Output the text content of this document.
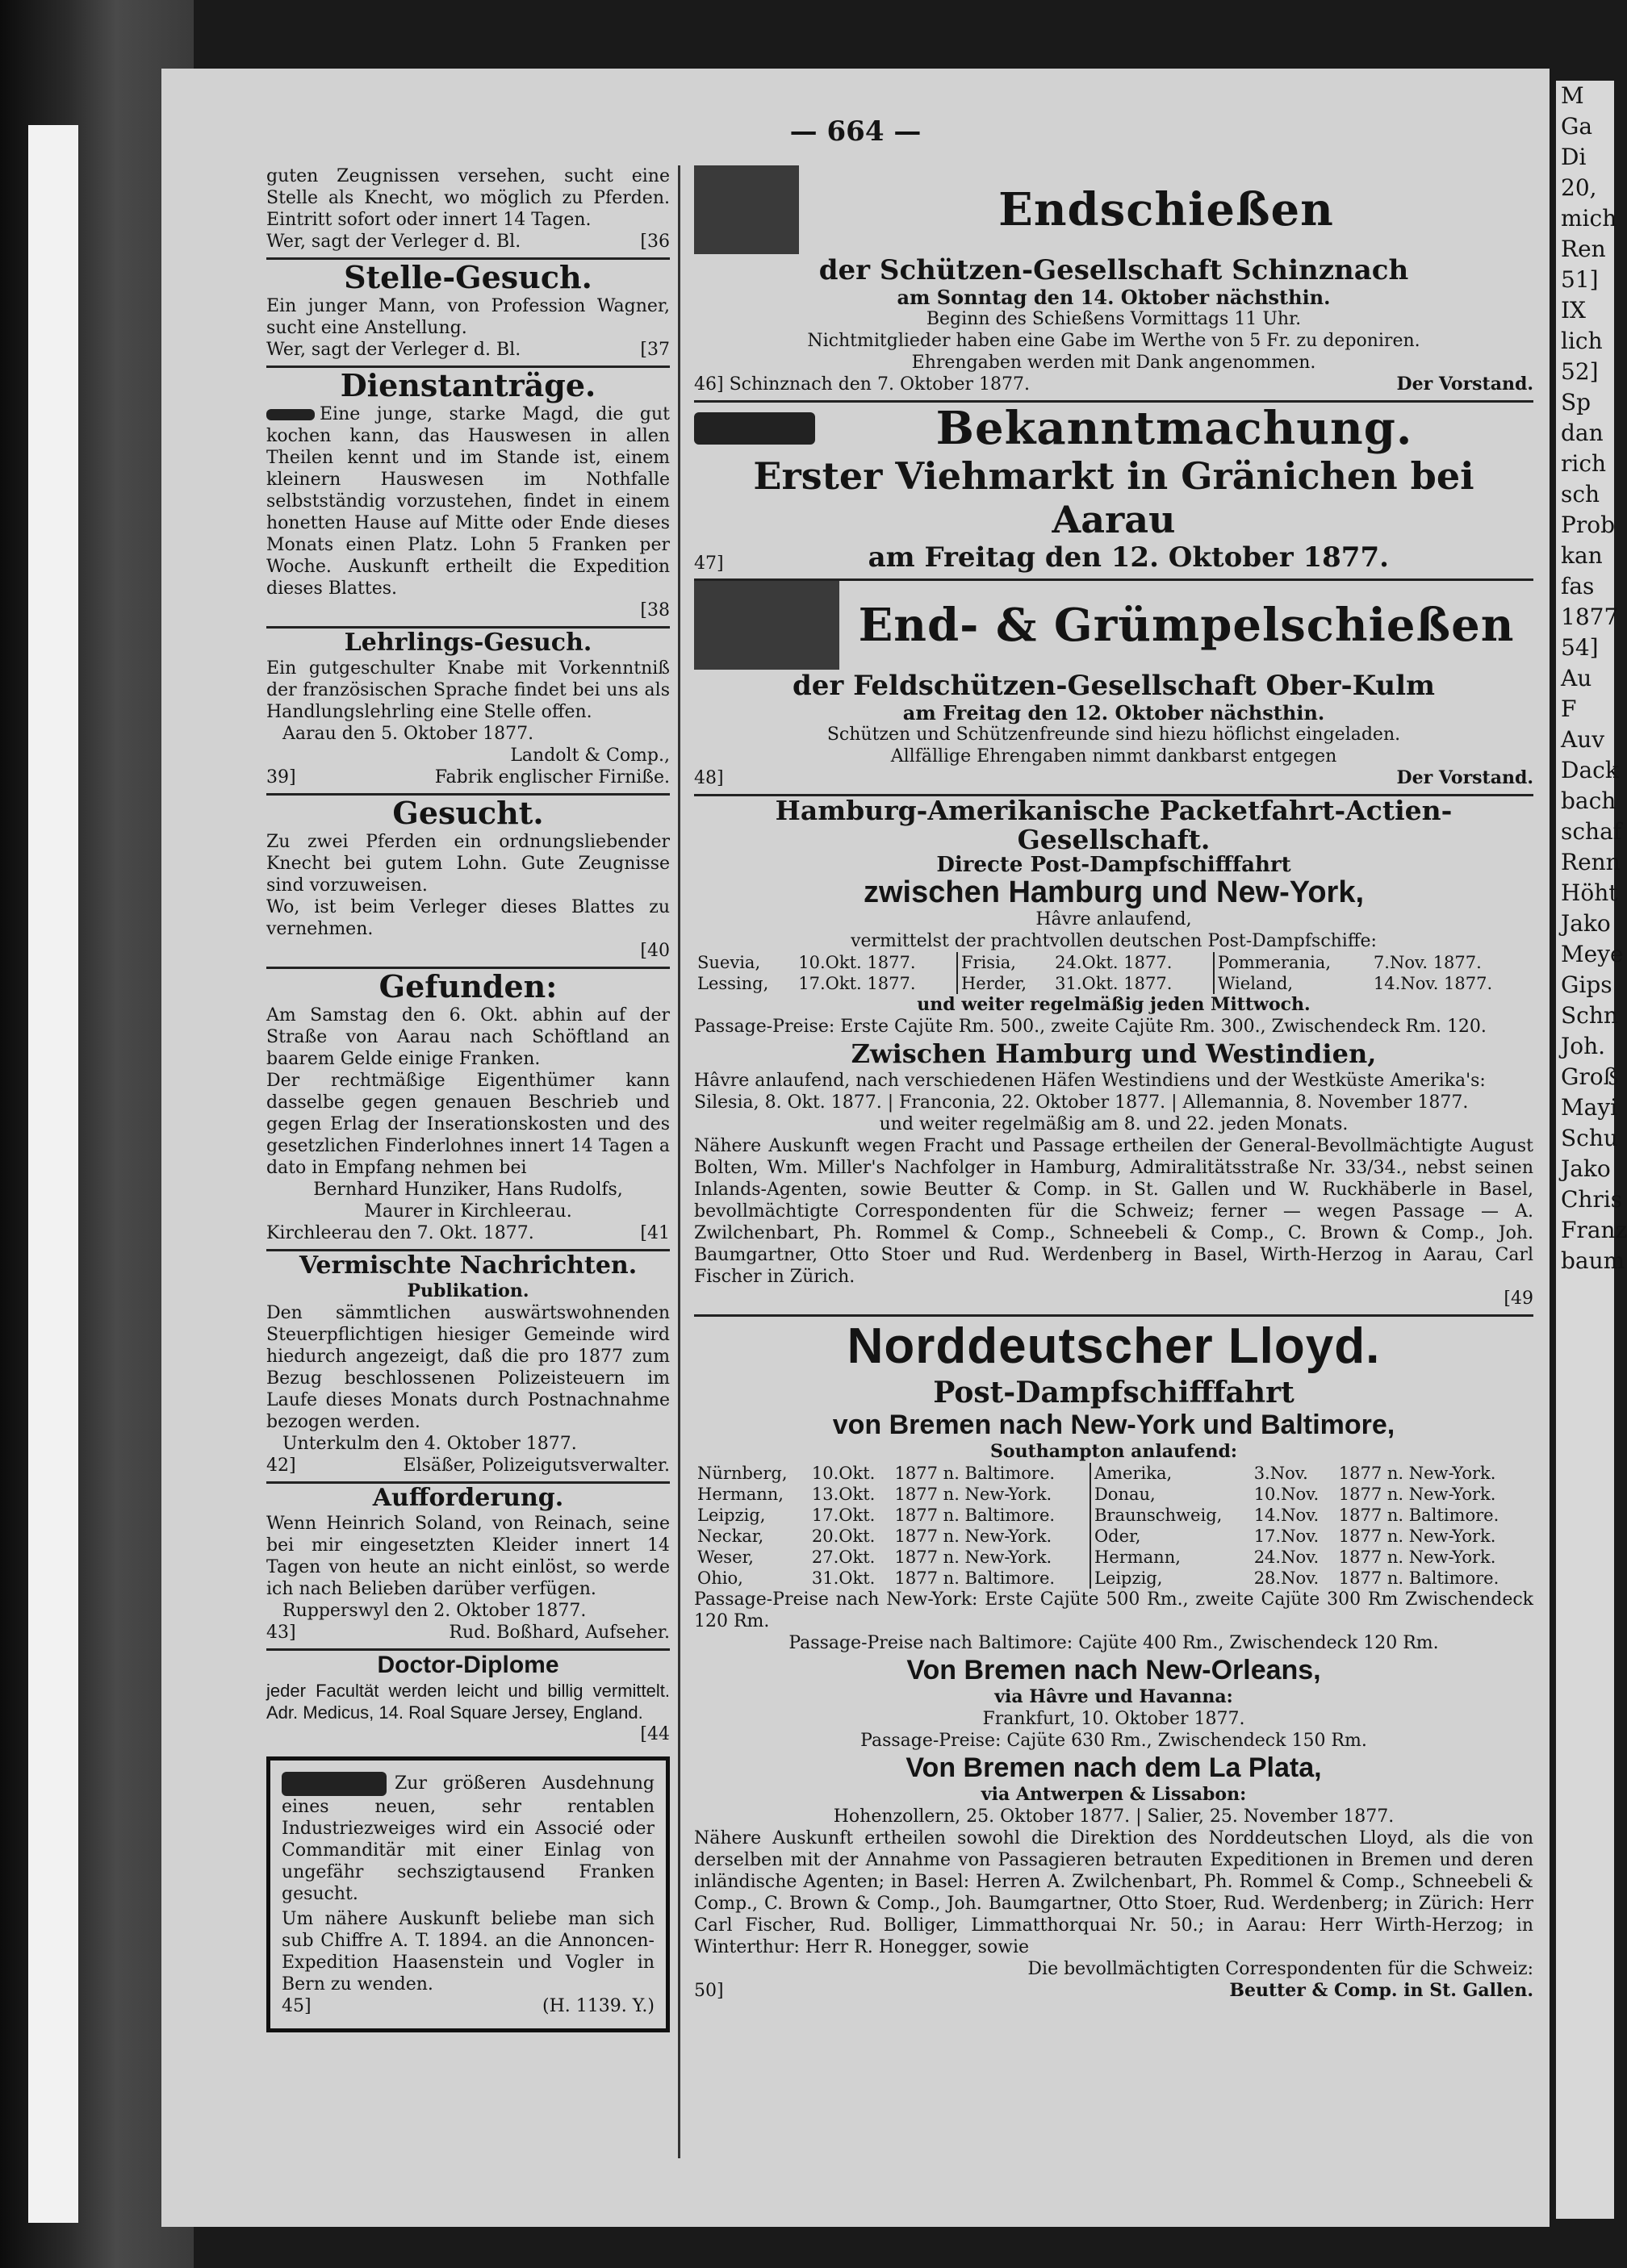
M
Ga
Di
20,
mich
Ren
51]
IX
lich
52]
Sp
dan
rich
sch
Prob
kan
fas
1877
54]
Au
F
Auv
Dack
bach
schaf
Renn
Höht
Jako
Meye
Gips
Schn
Joh.
Groß
Mayi
Schu
Jako
Chris
Franz
baum
— 664 —
guten Zeugnissen versehen, sucht eine Stelle als Knecht, wo möglich zu Pferden. Eintritt sofort oder innert 14 Tagen.
Wer, sagt der Verleger d. Bl.	[36
Stelle-Gesuch.
Ein junger Mann, von Profession Wagner, sucht eine Anstellung.
Wer, sagt der Verleger d. Bl.	[37
Dienstanträge.
Eine junge, starke Magd, die gut kochen kann, das Hauswesen in allen Theilen kennt und im Stande ist, einem kleinern Hauswesen im Nothfalle selbstständig vorzustehen, findet in einem honetten Hause auf Mitte oder Ende dieses Monats einen Platz. Lohn 5 Franken per Woche. Auskunft ertheilt die Expedition dieses Blattes.
[38
Lehrlings-Gesuch.
Ein gutgeschulter Knabe mit Vorkenntniß der französischen Sprache findet bei uns als Handlungslehrling eine Stelle offen.
Aarau den 5. Oktober 1877.
Landolt & Comp.,
39]	Fabrik englischer Firniße.
Gesucht.
Zu zwei Pferden ein ordnungsliebender Knecht bei gutem Lohn. Gute Zeugnisse sind vorzuweisen.
Wo, ist beim Verleger dieses Blattes zu vernehmen.
[40
Gefunden:
Am Samstag den 6. Okt. abhin auf der Straße von Aarau nach Schöftland an baarem Gelde einige Franken.
Der rechtmäßige Eigenthümer kann dasselbe gegen genauen Beschrieb und gegen Erlag der Inserationskosten und des gesetzlichen Finderlohnes innert 14 Tagen a dato in Empfang nehmen bei
Bernhard Hunziker, Hans Rudolfs,
Maurer in Kirchleerau.
Kirchleerau den 7. Okt. 1877.	[41
Vermischte Nachrichten.
Publikation.
Den sämmtlichen auswärtswohnenden Steuerpflichtigen hiesiger Gemeinde wird hiedurch angezeigt, daß die pro 1877 zum Bezug beschlossenen Polizeisteuern im Laufe dieses Monats durch Postnachnahme bezogen werden.
Unterkulm den 4. Oktober 1877.
42]	Elsäßer, Polizeigutsverwalter.
Aufforderung.
Wenn Heinrich Soland, von Reinach, seine bei mir eingesetzten Kleider innert 14 Tagen von heute an nicht einlöst, so werde ich nach Belieben darüber verfügen.
Rupperswyl den 2. Oktober 1877.
43]	Rud. Boßhard, Aufseher.
Doctor-Diplome
jeder Facultät werden leicht und billig vermittelt. Adr. Medicus, 14. Roal Square Jersey, England.
[44
Zur größeren Ausdehnung eines neuen, sehr rentablen Industriezweiges wird ein Associé oder Commanditär mit einer Einlag von ungefähr sechszigtausend Franken gesucht.
Um nähere Auskunft beliebe man sich sub Chiffre A. T. 1894. an die Annoncen-Expedition Haasenstein und Vogler in Bern zu wenden.
45]	(H. 1139. Y.)
Endschießen
der Schützen-Gesellschaft Schinznach
am Sonntag den 14. Oktober nächsthin.
Beginn des Schießens Vormittags 11 Uhr.
Nichtmitglieder haben eine Gabe im Werthe von 5 Fr. zu deponiren.
Ehrengaben werden mit Dank angenommen.
46] Schinznach den 7. Oktober 1877.	Der Vorstand.
Bekanntmachung.
Erster Viehmarkt in Gränichen bei Aarau
47]	am Freitag den 12. Oktober 1877.
End- & Grümpelschießen
der Feldschützen-Gesellschaft Ober-Kulm
am Freitag den 12. Oktober nächsthin.
Schützen und Schützenfreunde sind hiezu höflichst eingeladen.
Allfällige Ehrengaben nimmt dankbarst entgegen
48]	Der Vorstand.
Hamburg-Amerikanische Packetfahrt-Actien-Gesellschaft.
Directe Post-Dampfschifffahrt
zwischen Hamburg und New-York,
Hâvre anlaufend,
vermittelst der prachtvollen deutschen Post-Dampfschiffe:
Suevia,	10.Okt. 1877.	Frisia,	24.Okt. 1877.	Pommerania,	7.Nov. 1877.
Lessing,	17.Okt. 1877.	Herder,	31.Okt. 1877.	Wieland,	14.Nov. 1877.
und weiter regelmäßig jeden Mittwoch.
Passage-Preise: Erste Cajüte Rm. 500., zweite Cajüte Rm. 300., Zwischendeck Rm. 120.
Zwischen Hamburg und Westindien,
Hâvre anlaufend, nach verschiedenen Häfen Westindiens und der Westküste Amerika's:
Silesia, 8. Okt. 1877. | Franconia, 22. Oktober 1877. | Allemannia, 8. November 1877.
und weiter regelmäßig am 8. und 22. jeden Monats.
Nähere Auskunft wegen Fracht und Passage ertheilen der General-Bevollmächtigte August Bolten, Wm. Miller's Nachfolger in Hamburg, Admiralitätsstraße Nr. 33/34., nebst seinen Inlands-Agenten, sowie Beutter & Comp. in St. Gallen und W. Ruckhäberle in Basel, bevollmächtigte Correspondenten für die Schweiz; ferner — wegen Passage — A. Zwilchenbart, Ph. Rommel & Comp., Schneebeli & Comp., C. Brown & Comp., Joh. Baumgartner, Otto Stoer und Rud. Werdenberg in Basel, Wirth-Herzog in Aarau, Carl Fischer in Zürich.
[49
Norddeutscher Lloyd.
Post-Dampfschifffahrt
von Bremen nach New-York und Baltimore,
Southampton anlaufend:
Nürnberg,	10.Okt.	1877 n. Baltimore.	Amerika,	3.Nov.	1877 n. New-York.
Hermann,	13.Okt.	1877 n. New-York.	Donau,	10.Nov.	1877 n. New-York.
Leipzig,	17.Okt.	1877 n. Baltimore.	Braunschweig,	14.Nov.	1877 n. Baltimore.
Neckar,	20.Okt.	1877 n. New-York.	Oder,	17.Nov.	1877 n. New-York.
Weser,	27.Okt.	1877 n. New-York.	Hermann,	24.Nov.	1877 n. New-York.
Ohio,	31.Okt.	1877 n. Baltimore.	Leipzig,	28.Nov.	1877 n. Baltimore.
Passage-Preise nach New-York: Erste Cajüte 500 Rm., zweite Cajüte 300 Rm Zwischendeck 120 Rm.
Passage-Preise nach Baltimore: Cajüte 400 Rm., Zwischendeck 120 Rm.
Von Bremen nach New-Orleans,
via Hâvre und Havanna:
Frankfurt, 10. Oktober 1877.
Passage-Preise: Cajüte 630 Rm., Zwischendeck 150 Rm.
Von Bremen nach dem La Plata,
via Antwerpen & Lissabon:
Hohenzollern, 25. Oktober 1877. | Salier, 25. November 1877.
Nähere Auskunft ertheilen sowohl die Direktion des Norddeutschen Lloyd, als die von derselben mit der Annahme von Passagieren betrauten Expeditionen in Bremen und deren inländische Agenten; in Basel: Herren A. Zwilchenbart, Ph. Rommel & Comp., Schneebeli & Comp., C. Brown & Comp., Joh. Baumgartner, Otto Stoer, Rud. Werdenberg; in Zürich: Herr Carl Fischer, Rud. Bolliger, Limmatthorquai Nr. 50.; in Aarau: Herr Wirth-Herzog; in Winterthur: Herr R. Honegger, sowie
Die bevollmächtigten Correspondenten für die Schweiz:
50]	Beutter & Comp. in St. Gallen.
